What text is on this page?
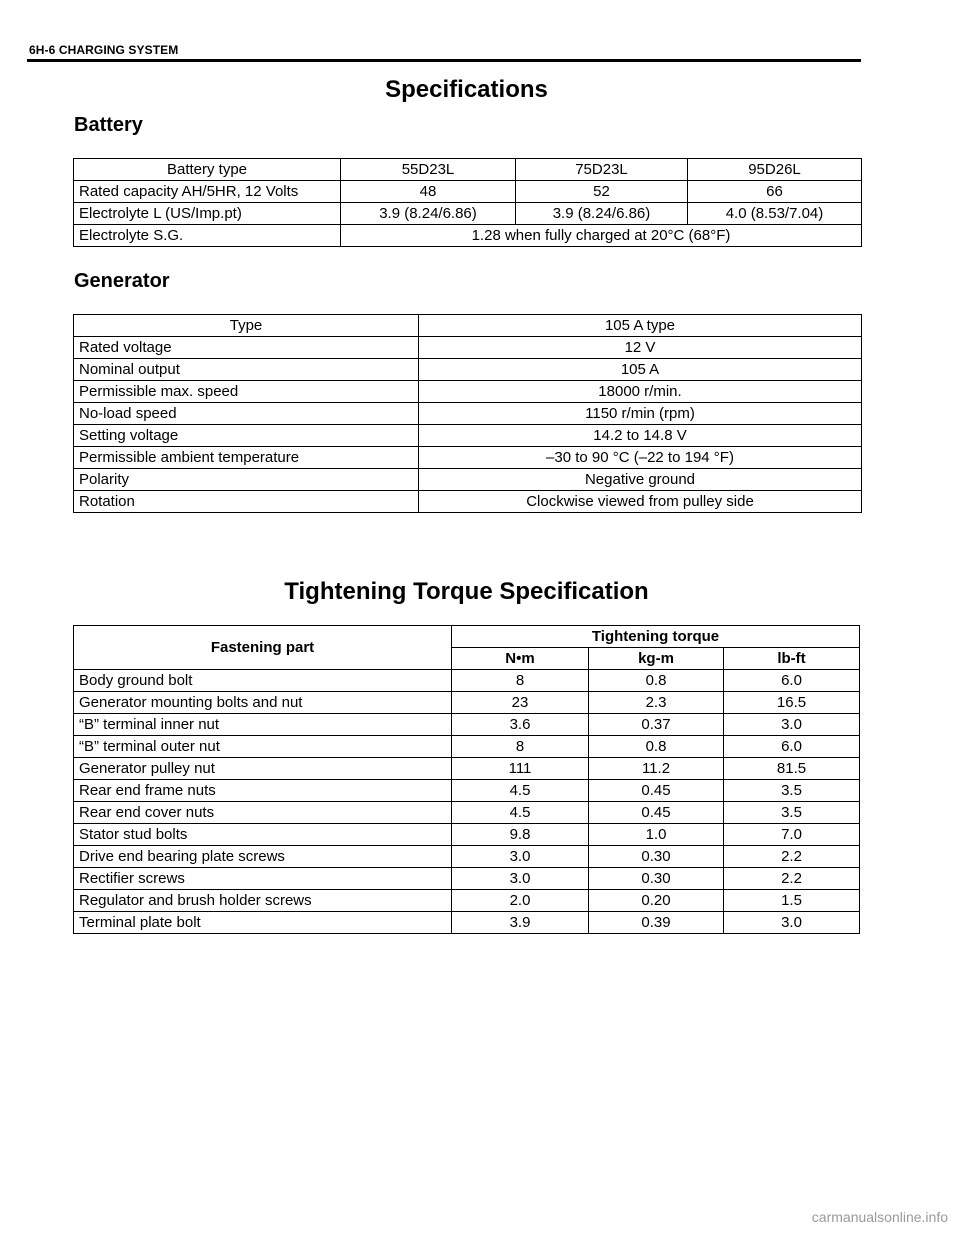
6H-6 CHARGING SYSTEM
Specifications
Battery
Battery type	55D23L	75D23L	95D26L
Rated capacity AH/5HR, 12 Volts	48	52	66
Electrolyte L (US/Imp.pt)	3.9 (8.24/6.86)	3.9 (8.24/6.86)	4.0 (8.53/7.04)
Electrolyte S.G.	1.28 when fully charged at 20°C (68°F)		
Generator
Type	105 A type
Rated voltage	12 V
Nominal output	105 A
Permissible max. speed	18000 r/min.
No-load speed	1150 r/min (rpm)
Setting voltage	14.2 to 14.8 V
Permissible ambient temperature	–30 to 90 °C (–22 to 194 °F)
Polarity	Negative ground
Rotation	Clockwise viewed from pulley side
Tightening Torque Specification
Fastening part	Tightening torque		
	N•m	kg-m	lb-ft
Body ground bolt	8	0.8	6.0
Generator mounting bolts and nut	23	2.3	16.5
“B” terminal inner nut	3.6	0.37	3.0
“B” terminal outer nut	8	0.8	6.0
Generator pulley nut	111	11.2	81.5
Rear end frame nuts	4.5	0.45	3.5
Rear end cover nuts	4.5	0.45	3.5
Stator stud bolts	9.8	1.0	7.0
Drive end bearing plate screws	3.0	0.30	2.2
Rectifier screws	3.0	0.30	2.2
Regulator and brush holder screws	2.0	0.20	1.5
Terminal plate bolt	3.9	0.39	3.0
carmanualsonline.info
